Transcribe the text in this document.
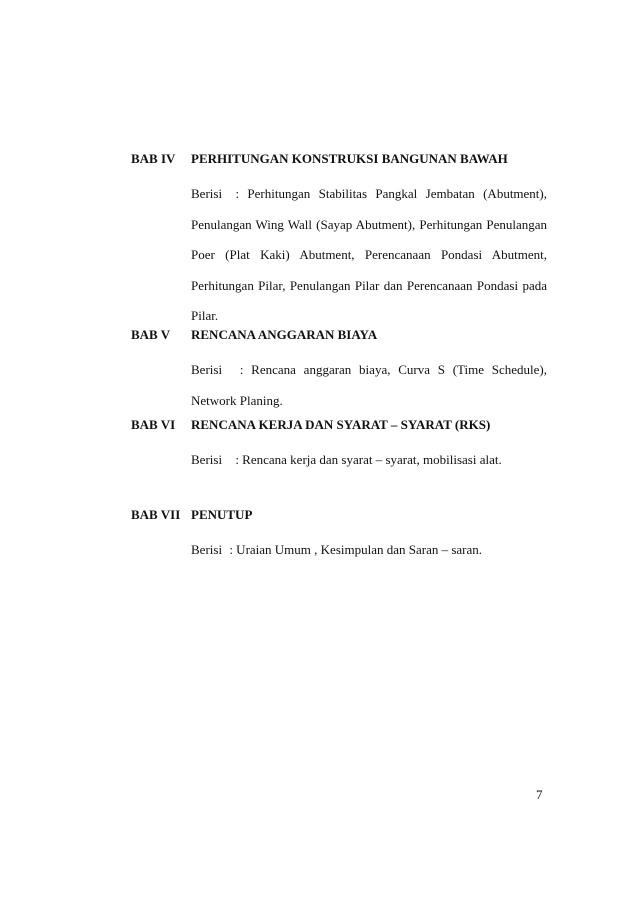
BAB IV PERHITUNGAN KONSTRUKSI BANGUNAN BAWAH
Berisi : Perhitungan Stabilitas Pangkal Jembatan (Abutment), Penulangan Wing Wall (Sayap Abutment), Perhitungan Penulangan Poer (Plat Kaki) Abutment, Perencanaan Pondasi Abutment, Perhitungan Pilar, Penulangan Pilar dan Perencanaan Pondasi pada Pilar.
BAB V RENCANA ANGGARAN BIAYA
Berisi : Rencana anggaran biaya, Curva S (Time Schedule), Network Planing.
BAB VI RENCANA KERJA DAN SYARAT – SYARAT (RKS)
Berisi : Rencana kerja dan syarat – syarat, mobilisasi alat.
BAB VII PENUTUP
Berisi : Uraian Umum , Kesimpulan dan Saran – saran.
7
